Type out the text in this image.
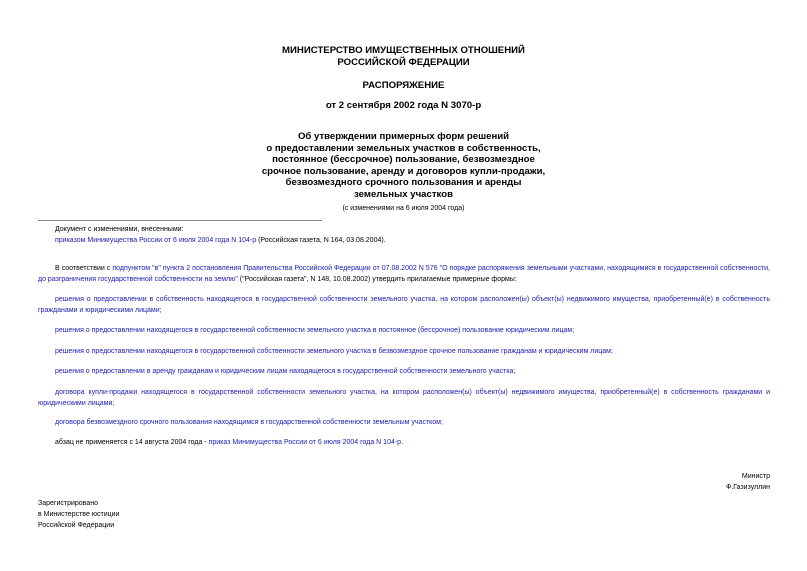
МИНИСТЕРСТВО ИМУЩЕСТВЕННЫХ ОТНОШЕНИЙ
РОССИЙСКОЙ ФЕДЕРАЦИИ
РАСПОРЯЖЕНИЕ
от 2 сентября 2002 года N 3070-р
Об утверждении примерных форм решений
о предоставлении земельных участков в собственность,
постоянное (бессрочное) пользование, безвозмездное
срочное пользование, аренду и договоров купли-продажи,
безвозмездного срочного пользования и аренды
земельных участков
(с изменениями на 6 июля 2004 года)
Документ с изменениями, внесенными:
приказом Минимущества России от 6 июля 2004 года N 104-р (Российская газета, N 164, 03.08.2004).
В соответствии с подпунктом "в" пункта 2 постановления Правительства Российской Федерации от 07.08.2002 N 576 "О порядке распоряжения земельными участками, находящимися в государственной собственности, до разграничения государственной собственности на землю" ("Российская газета", N 148, 10.08.2002) утвердить прилагаемые примерные формы:
решения о предоставлении в собственность находящегося в государственной собственности земельного участка, на котором расположен(ы) объект(ы) недвижимого имущества, приобретенный(е) в собственность гражданами и юридическими лицами;
решения о предоставлении находящегося в государственной собственности земельного участка в постоянное (бессрочное) пользование юридическим лицам;
решения о предоставлении находящегося в государственной собственности земельного участка в безвозмездное срочное пользование гражданам и юридическим лицам;
решения о предоставлении в аренду гражданам и юридическим лицам находящегося в государственной собственности земельного участка;
договора купли-продажи находящегося в государственной собственности земельного участка, на котором расположен(ы) объект(ы) недвижимого имущества, приобретенный(е) в собственность гражданами и юридическими лицами;
договора безвозмездного срочного пользования находящимся в государственной собственности земельным участком;
абзац не применяется с 14 августа 2004 года - приказ Минимущества России от 6 июля 2004 года N 104-р.
Министр
Ф.Газизуллин
Зарегистрировано
в Министерстве юстиции
Российской Федерации
